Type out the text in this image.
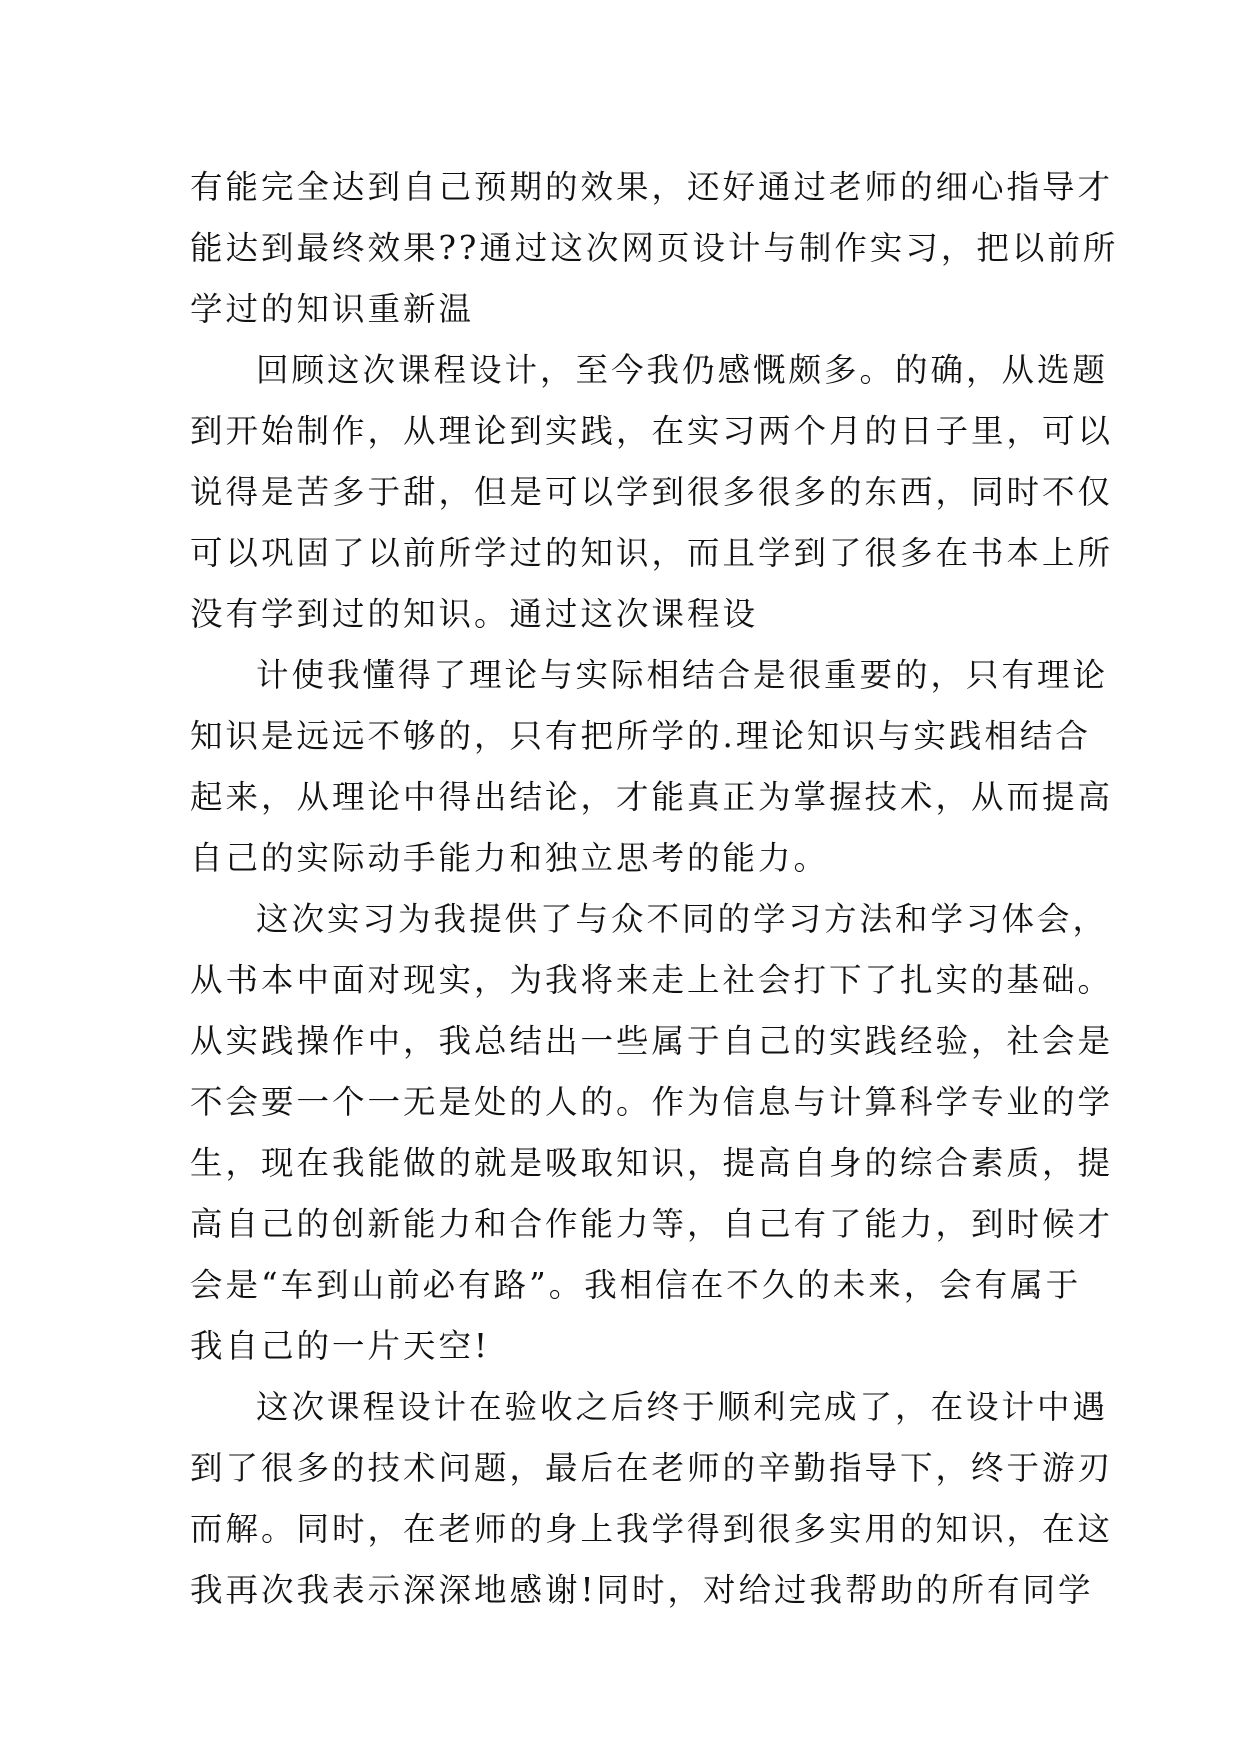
有能完全达到自己预期的效果，还好通过老师的细心指导才
能达到最终效果??通过这次网页设计与制作实习，把以前所
学过的知识重新温
回顾这次课程设计，至今我仍感慨颇多。的确，从选题
到开始制作，从理论到实践，在实习两个月的日子里，可以
说得是苦多于甜，但是可以学到很多很多的东西，同时不仅
可以巩固了以前所学过的知识，而且学到了很多在书本上所
没有学到过的知识。通过这次课程设
计使我懂得了理论与实际相结合是很重要的，只有理论
知识是远远不够的，只有把所学的.理论知识与实践相结合
起来，从理论中得出结论，才能真正为掌握技术，从而提高
自己的实际动手能力和独立思考的能力。
这次实习为我提供了与众不同的学习方法和学习体会，
从书本中面对现实，为我将来走上社会打下了扎实的基础。
从实践操作中，我总结出一些属于自己的实践经验，社会是
不会要一个一无是处的人的。作为信息与计算科学专业的学
生，现在我能做的就是吸取知识，提高自身的综合素质，提
高自己的创新能力和合作能力等，自己有了能力，到时候才
会是“车到山前必有路”。我相信在不久的未来，会有属于
我自己的一片天空!
这次课程设计在验收之后终于顺利完成了，在设计中遇
到了很多的技术问题，最后在老师的辛勤指导下，终于游刃
而解。同时，在老师的身上我学得到很多实用的知识，在这
我再次我表示深深地感谢!同时，对给过我帮助的所有同学
